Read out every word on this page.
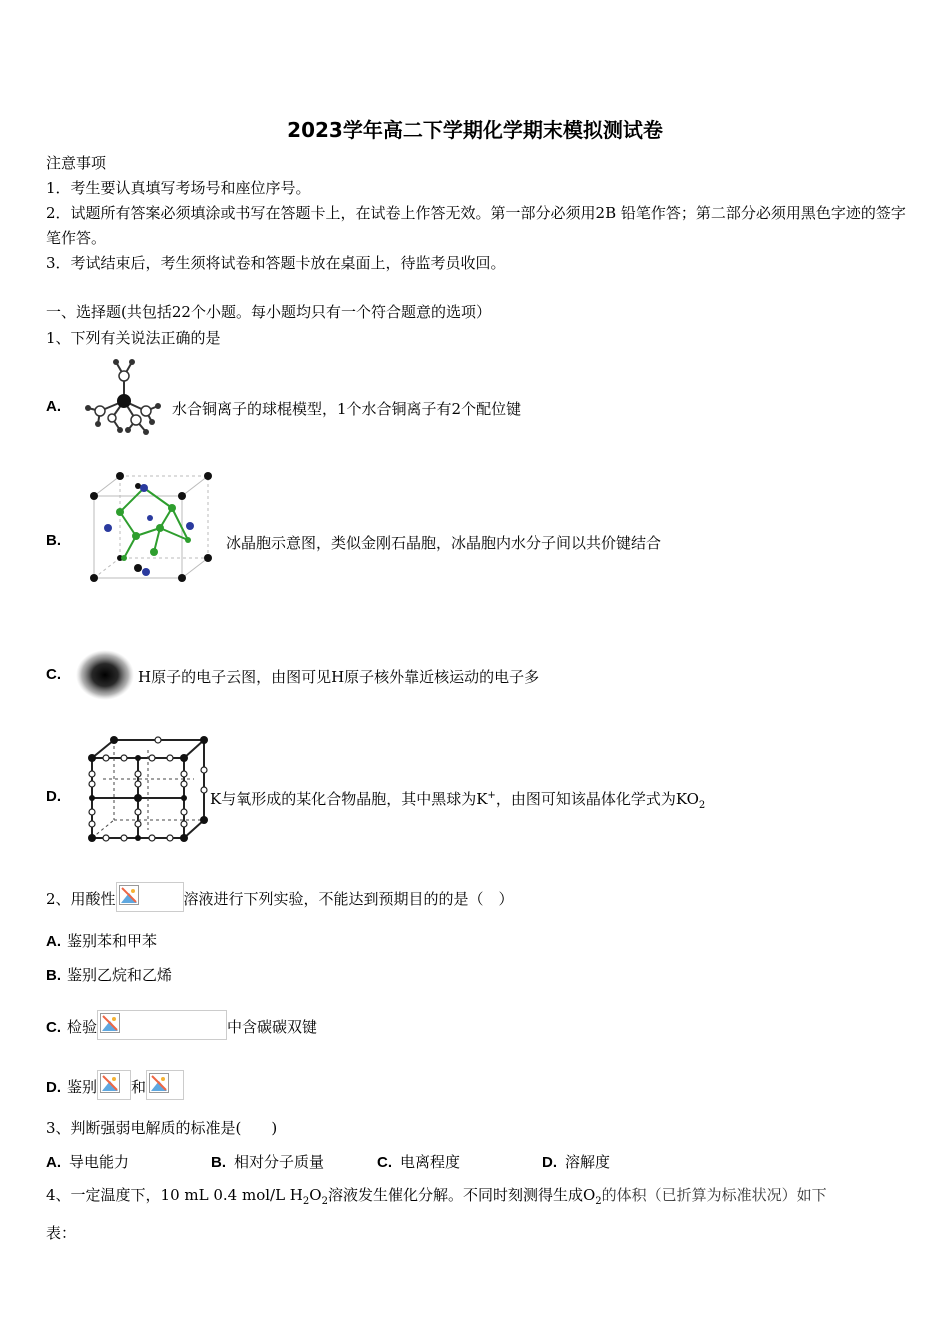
2023学年高二下学期化学期末模拟测试卷
注意事项
1．考生要认真填写考场号和座位序号。
2．试题所有答案必须填涂或书写在答题卡上，在试卷上作答无效。第一部分必须用2B 铅笔作答；第二部分必须用黑色字迹的签字笔作答。
3．考试结束后，考生须将试卷和答题卡放在桌面上，待监考员收回。
一、选择题(共包括22个小题。每小题均只有一个符合题意的选项）
1、下列有关说法正确的是
A.	水合铜离子的球棍模型，1个水合铜离子有2个配位键
B.	冰晶胞示意图，类似金刚石晶胞，冰晶胞内水分子间以共价键结合
C.	H原子的电子云图，由图可见H原子核外靠近核运动的电子多
D.	K与氧形成的某化合物晶胞，其中黑球为K+，由图可知该晶体化学式为$KO_2$
2、用酸性	溶液进行下列实验，不能达到预期目的的是（　）
A. 鉴别苯和甲苯
B. 鉴别乙烷和乙烯
C. 检验	中含碳碳双键
D. 鉴别 和
3、判断强弱电解质的标准是(　　)
A. 导电能力	B. 相对分子质量	C. 电离程度	D. 溶解度
4、一定温度下，10 mL 0.4 mol/L $H_2O_2$溶液发生催化分解。不同时刻测得生成$O_2$的体积（已折算为标准状况）如下
表：
